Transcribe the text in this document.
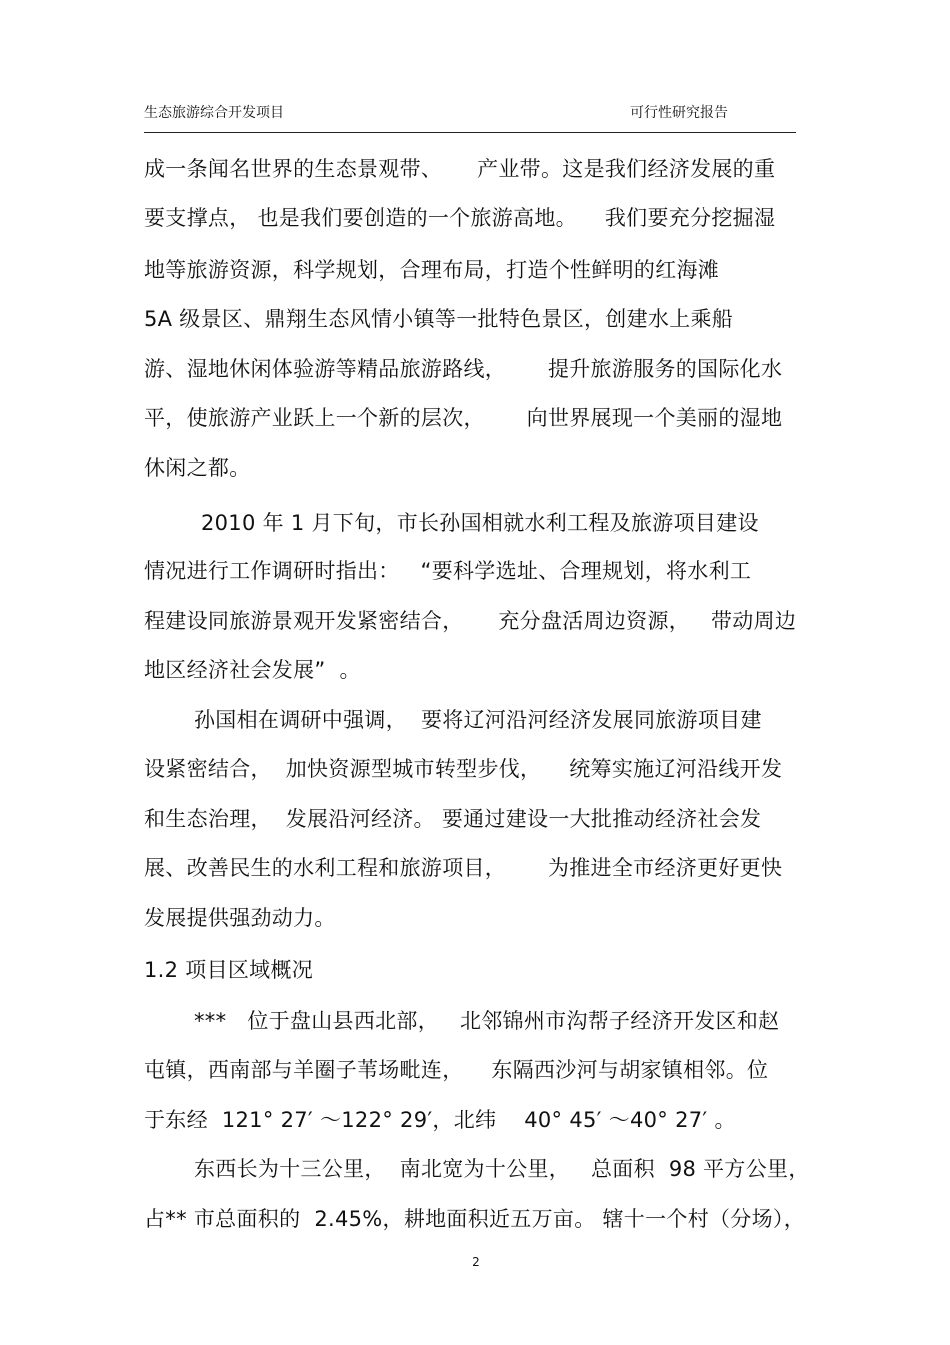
生态旅游综合开发项目	可行性研究报告
成一条闻名世界的生态景观带、     产业带。这是我们经济发展的重
要支撑点， 也是我们要创造的一个旅游高地。    我们要充分挖掘湿
地等旅游资源，科学规划，合理布局，打造个性鲜明的红海滩
5A 级景区、鼎翔生态风情小镇等一批特色景区，创建水上乘船
游、湿地休闲体验游等精品旅游路线，      提升旅游服务的国际化水
平，使旅游产业跃上一个新的层次，      向世界展现一个美丽的湿地
休闲之都。
2010 年 1 月下旬，市长孙国相就水利工程及旅游项目建设
情况进行工作调研时指出：   “要科学选址、合理规划，将水利工
程建设同旅游景观开发紧密结合，     充分盘活周边资源，   带动周边
地区经济社会发展”  。
孙国相在调研中强调，  要将辽河沿河经济发展同旅游项目建
设紧密结合，  加快资源型城市转型步伐，    统筹实施辽河沿线开发
和生态治理，  发展沿河经济。 要通过建设一大批推动经济社会发
展、改善民生的水利工程和旅游项目，      为推进全市经济更好更快
发展提供强劲动力。
1.2 项目区域概况
***   位于盘山县西北部，   北邻锦州市沟帮子经济开发区和赵
屯镇，西南部与羊圈子苇场毗连，    东隔西沙河与胡家镇相邻。位
于东经  121° 27′ ～122° 29′，北纬    40° 45′ ～40° 27′ 。
东西长为十三公里，  南北宽为十公里，   总面积  98 平方公里，
占** 市总面积的  2.45%，耕地面积近五万亩。 辖十一个村（分场），
2
